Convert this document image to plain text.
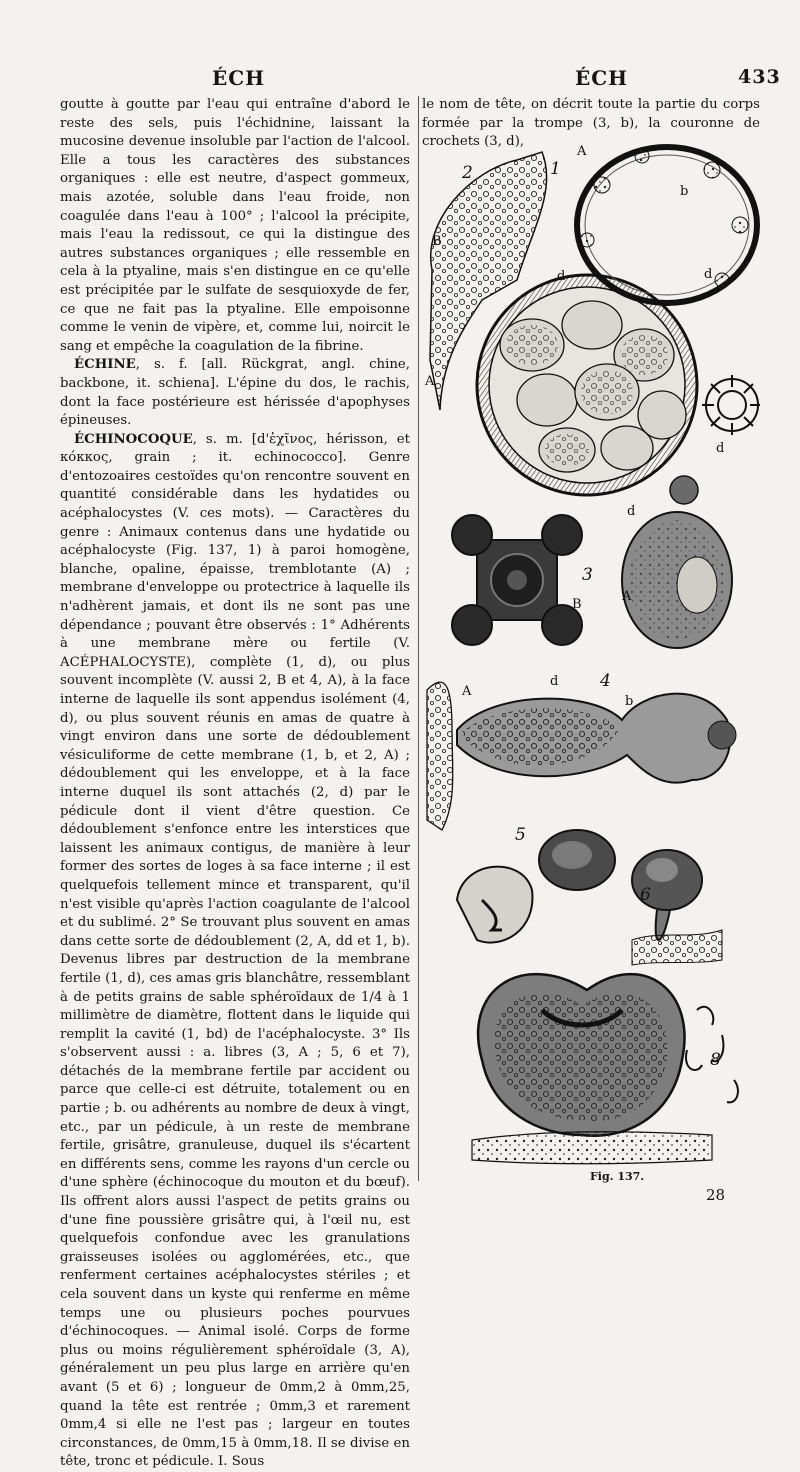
ÉCH	ÉCH	433

goutte à goutte par l'eau qui entraîne d'abord le reste des sels, puis l'échidnine, laissant la mucosine devenue insoluble par l'action de l'alcool. Elle a tous les caractères des substances organiques : elle est neutre, d'aspect gommeux, mais azotée, soluble dans l'eau froide, non coagulée dans l'eau à 100° ; l'alcool la précipite, mais l'eau la redissout, ce qui la distingue des autres substances organiques ; elle ressemble en cela à la ptyaline, mais s'en distingue en ce qu'elle est précipitée par le sulfate de sesquioxyde de fer, ce que ne fait pas la ptyaline. Elle empoisonne comme le venin de vipère, et, comme lui, noircit le sang et empêche la coagulation de la fibrine.

ÉCHINE, s. f. [all. Rückgrat, angl. chine, backbone, it. schiena]. L'épine du dos, le rachis, dont la face postérieure est hérissée d'apophyses épineuses.

ÉCHINOCOQUE, s. m. [d'ἐχῖνος, hérisson, et κόκκος, grain ; it. echinococco]. Genre d'entozoaires cestoïdes qu'on rencontre souvent en quantité considérable dans les hydatides ou acéphalocystes (V. ces mots). — Caractères du genre : Animaux contenus dans une hydatide ou acéphalocyste (Fig. 137, 1) à paroi homogène, blanche, opaline, épaisse, tremblotante (A) ; membrane d'enveloppe ou protectrice à laquelle ils n'adhèrent jamais, et dont ils ne sont pas une dépendance ; pouvant être observés : 1° Adhérents à une membrane mère ou fertile (V. ACÉPHALOCYSTE), complète (1, d), ou plus souvent incomplète (V. aussi 2, B et 4, A), à la face interne de laquelle ils sont appendus isolément (4, d), ou plus souvent réunis en amas de quatre à vingt environ dans une sorte de dédoublement vésiculiforme de cette membrane (1, b, et 2, A) ; dédoublement qui les enveloppe, et à la face interne duquel ils sont attachés (2, d) par le pédicule dont il vient d'être question. Ce dédoublement s'enfonce entre les interstices que laissent les animaux contigus, de manière à leur former des sortes de loges à sa face interne ; il est quelquefois tellement mince et transparent, qu'il n'est visible qu'après l'action coagulante de l'alcool et du sublimé. 2° Se trouvant plus souvent en amas dans cette sorte de dédoublement (2, A, dd et 1, b). Devenus libres par destruction de la membrane fertile (1, d), ces amas gris blanchâtre, ressemblant à de petits grains de sable sphéroïdaux de 1/4 à 1 millimètre de diamètre, flottent dans le liquide qui remplit la cavité (1, bd) de l'acéphalocyste. 3° Ils s'observent aussi : a. libres (3, A ; 5, 6 et 7), détachés de la membrane fertile par accident ou parce que celle-ci est détruite, totalement ou en partie ; b. ou adhérents au nombre de deux à vingt, etc., par un pédicule, à un reste de membrane fertile, grisâtre, granuleuse, duquel ils s'écartent en différents sens, comme les rayons d'un cercle ou d'une sphère (échinocoque du mouton et du bœuf). Ils offrent alors aussi l'aspect de petits grains ou d'une fine poussière grisâtre qui, à l'œil nu, est quelquefois confondue avec les granulations graisseuses isolées ou agglomérées, etc., que renferment certaines acéphalocystes stériles ; et cela souvent dans un kyste qui renferme en même temps une ou plusieurs poches pourvues d'échinocoques. — Animal isolé. Corps de forme plus ou moins régulièrement sphéroïdale (3, A), généralement un peu plus large en arrière qu'en avant (5 et 6) ; longueur de 0mm,2 à 0mm,25, quand la tête est rentrée ; 0mm,3 et rarement 0mm,4 si elle ne l'est pas ; largeur en toutes circonstances, de 0mm,15 à 0mm,18. Il se divise en tête, tronc et pédicule. I. Sous

le nom de tête, on décrit toute la partie du corps formée par la trompe (3, b), la couronne de crochets (3, d),
2	1
B
A
A
d	d
b
d
d
3
B
A
A
d 4
b
5
6
8
Fig. 137.
28
